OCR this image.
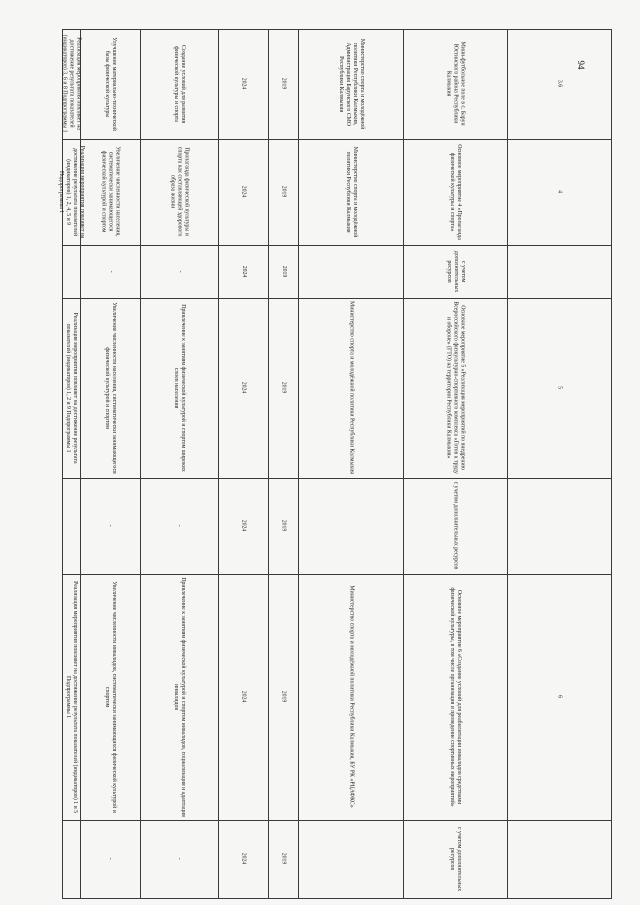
94
Реализация мероприятия повлияет на достижение результата показателей (индикаторов) 3, 6 и 8 Подпрограммы 1	Улучшение материально-технической базы физической культуры	Создание условий для развития физической культуры и спорта	2024	2019	Министерство спорта и молодёжной политики Республики Калмыкия, Администрация Барунского СМО Республики Калмыкия	Мини-футбольное поле в с. Барун Юстинского района Республики Калмыкия	3.6
Реализация мероприятия повлияет на достижение результата показателей (индикаторов) 1, 2, 4, 5 и 9 Подпрограммы 1	Увеличение численности населения, систематически занимающегося физической культурой и спортом	Пропаганда физической культуры и спорта как составляющей здорового образа жизни	2024	2019	Министерство спорта и молодёжной политики Республики Калмыкия	Основное мероприятие 4 «Пропаганда физической культуры и спорта»	4
-	-	2024	2019	с учетом дополнительных ресурсов
Реализация мероприятия повлияет на достижение результата показателей (индикаторов) 1, 2 и 9 Подпрограммы 1	Увеличение численности населения, систематически занимающегося физической культурой и спортом	Привлечение к занятиям физической культурой и спортом широких слоев населения	2024	2019	Министерство спорта и молодёжной политики Республики Калмыкия	Основное мероприятие 5 «Реализация мероприятий по внедрению Всероссийского физкультурно-спортивного комплекса «Готов к труду и обороне» (ГТО) на территории Республики Калмыкия»	5
-	-	2024	2019	с учетом дополнительных ресурсов
Реализация мероприятия повлияет на достижение результата показателей (индикаторов) 1 и 5 Подпрограммы 1	Увеличение численности инвалидов, систематически занимающихся физической культурой и спортом	Привлечение к занятиям физической культурой и спортом инвалидов, социализация и адаптация инвалидов	2024	2019	Министерство спорта и молодёжной политики Республики Калмыкия, БУ РК «РЦАФКС»	Основное мероприятие 6 «Создание условий для реабилитации инвалидов средствами физической культуры, в том числе организация и проведение спортивных мероприятий»	6
-	-	2024	2019	с учетом дополнительных ресурсов
